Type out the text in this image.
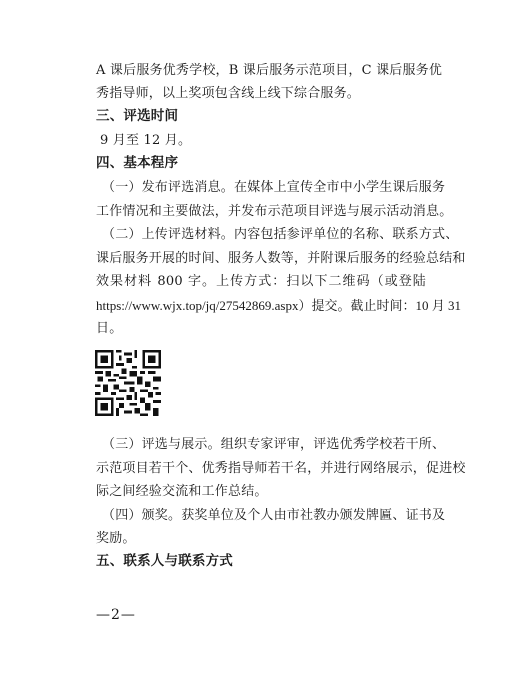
A 课后服务优秀学校，B 课后服务示范项目，C 课后服务优
秀指导师，以上奖项包含线上线下综合服务。
三、评选时间
9 月至 12 月。
四、基本程序
（一）发布评选消息。在媒体上宣传全市中小学生课后服务
工作情况和主要做法，并发布示范项目评选与展示活动消息。
（二）上传评选材料。内容包括参评单位的名称、联系方式、
课后服务开展的时间、服务人数等，并附课后服务的经验总结和
效果材料 800 字。上传方式：扫以下二维码（或登陆
https://www.wjx.top/jq/27542869.aspx）提交。截止时间：10 月 31
日。
（三）评选与展示。组织专家评审，评选优秀学校若干所、
示范项目若干个、优秀指导师若干名，并进行网络展示，促进校
际之间经验交流和工作总结。
（四）颁奖。获奖单位及个人由市社教办颁发牌匾、证书及
奖励。
五、联系人与联系方式
—2—
